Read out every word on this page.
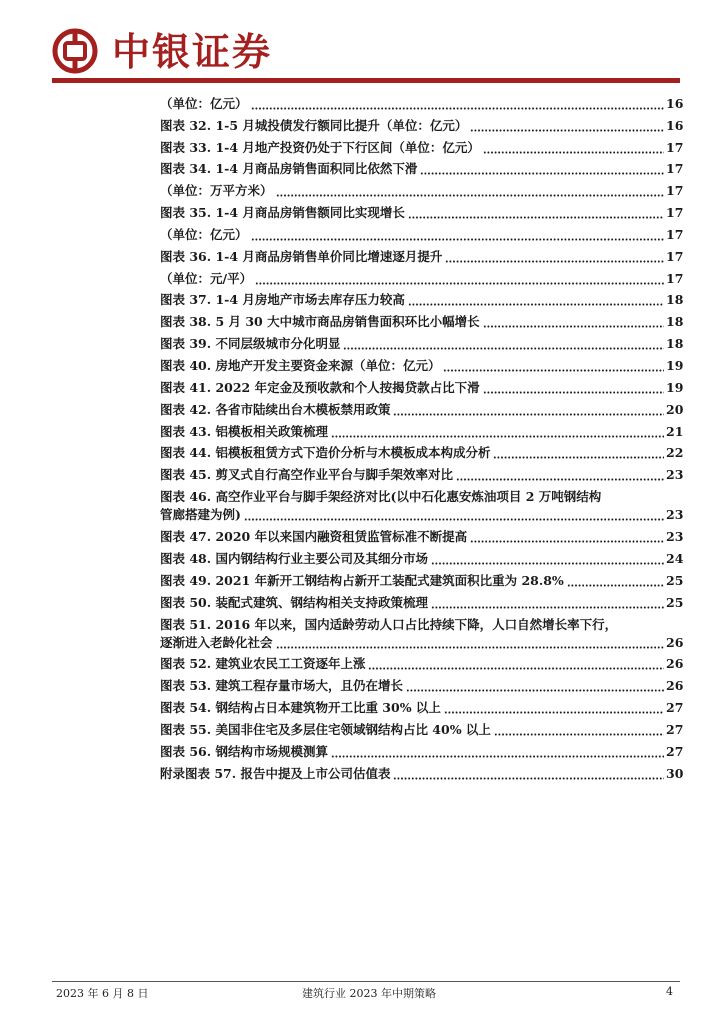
中银证券
（单位：亿元）	16
图表 32. 1-5 月城投债发行额同比提升（单位：亿元）	16
图表 33. 1-4 月地产投资仍处于下行区间（单位：亿元）	17
图表 34. 1-4 月商品房销售面积同比依然下滑	17
（单位：万平方米）	17
图表 35. 1-4 月商品房销售额同比实现增长	17
（单位：亿元）	17
图表 36. 1-4 月商品房销售单价同比增速逐月提升	17
（单位：元/平）	17
图表 37. 1-4 月房地产市场去库存压力较高	18
图表 38. 5 月 30 大中城市商品房销售面积环比小幅增长	18
图表 39. 不同层级城市分化明显	18
图表 40. 房地产开发主要资金来源（单位：亿元）	19
图表 41. 2022 年定金及预收款和个人按揭贷款占比下滑	19
图表 42. 各省市陆续出台木模板禁用政策	20
图表 43. 铝模板相关政策梳理	21
图表 44. 铝模板租赁方式下造价分析与木模板成本构成分析	22
图表 45. 剪叉式自行高空作业平台与脚手架效率对比	23
图表 46. 高空作业平台与脚手架经济对比(以中石化惠安炼油项目 2 万吨钢结构
管廊搭建为例)	23
图表 47. 2020 年以来国内融资租赁监管标准不断提高	23
图表 48. 国内钢结构行业主要公司及其细分市场	24
图表 49. 2021 年新开工钢结构占新开工装配式建筑面积比重为 28.8%	25
图表 50. 装配式建筑、钢结构相关支持政策梳理	25
图表 51. 2016 年以来，国内适龄劳动人口占比持续下降，人口自然增长率下行，
逐渐进入老龄化社会	26
图表 52. 建筑业农民工工资逐年上涨	26
图表 53. 建筑工程存量市场大，且仍在增长	26
图表 54. 钢结构占日本建筑物开工比重 30% 以上	27
图表 55. 美国非住宅及多层住宅领域钢结构占比 40% 以上	27
图表 56. 钢结构市场规模测算	27
附录图表 57. 报告中提及上市公司估值表	30
2023 年 6 月 8 日	建筑行业 2023 年中期策略	4
